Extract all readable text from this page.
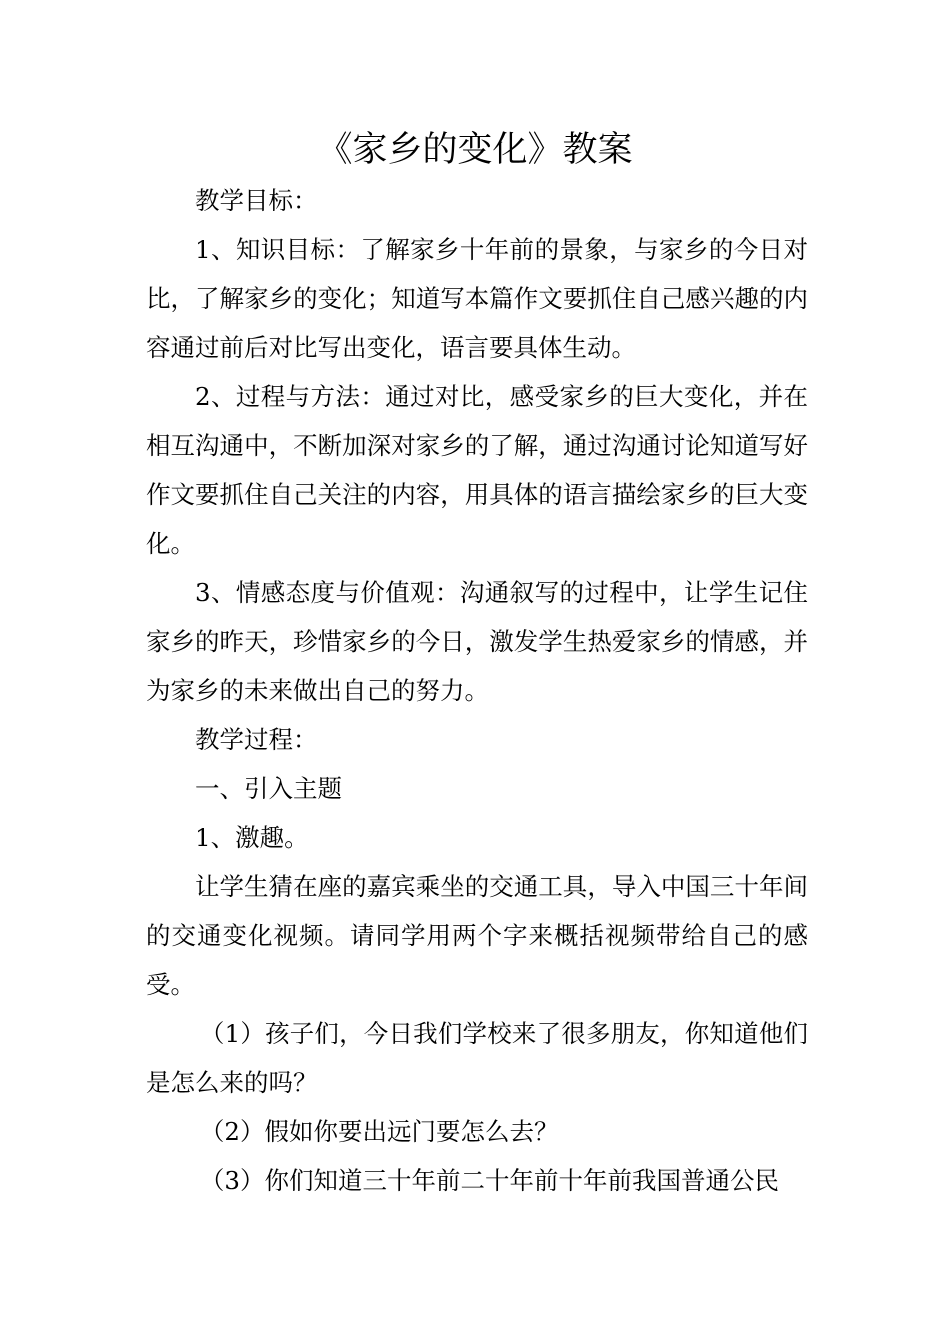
《家乡的变化》教案

教学目标：

1、知识目标：了解家乡十年前的景象，与家乡的今日对比，了解家乡的变化；知道写本篇作文要抓住自己感兴趣的内容通过前后对比写出变化，语言要具体生动。

2、过程与方法：通过对比，感受家乡的巨大变化，并在相互沟通中，不断加深对家乡的了解，通过沟通讨论知道写好作文要抓住自己关注的内容，用具体的语言描绘家乡的巨大变化。

3、情感态度与价值观：沟通叙写的过程中，让学生记住家乡的昨天，珍惜家乡的今日，激发学生热爱家乡的情感，并为家乡的未来做出自己的努力。

教学过程：

一、引入主题

1、激趣。

让学生猜在座的嘉宾乘坐的交通工具，导入中国三十年间的交通变化视频。请同学用两个字来概括视频带给自己的感受。

（1）孩子们，今日我们学校来了很多朋友，你知道他们是怎么来的吗？

（2）假如你要出远门要怎么去？

（3）你们知道三十年前二十年前十年前我国普通公民
